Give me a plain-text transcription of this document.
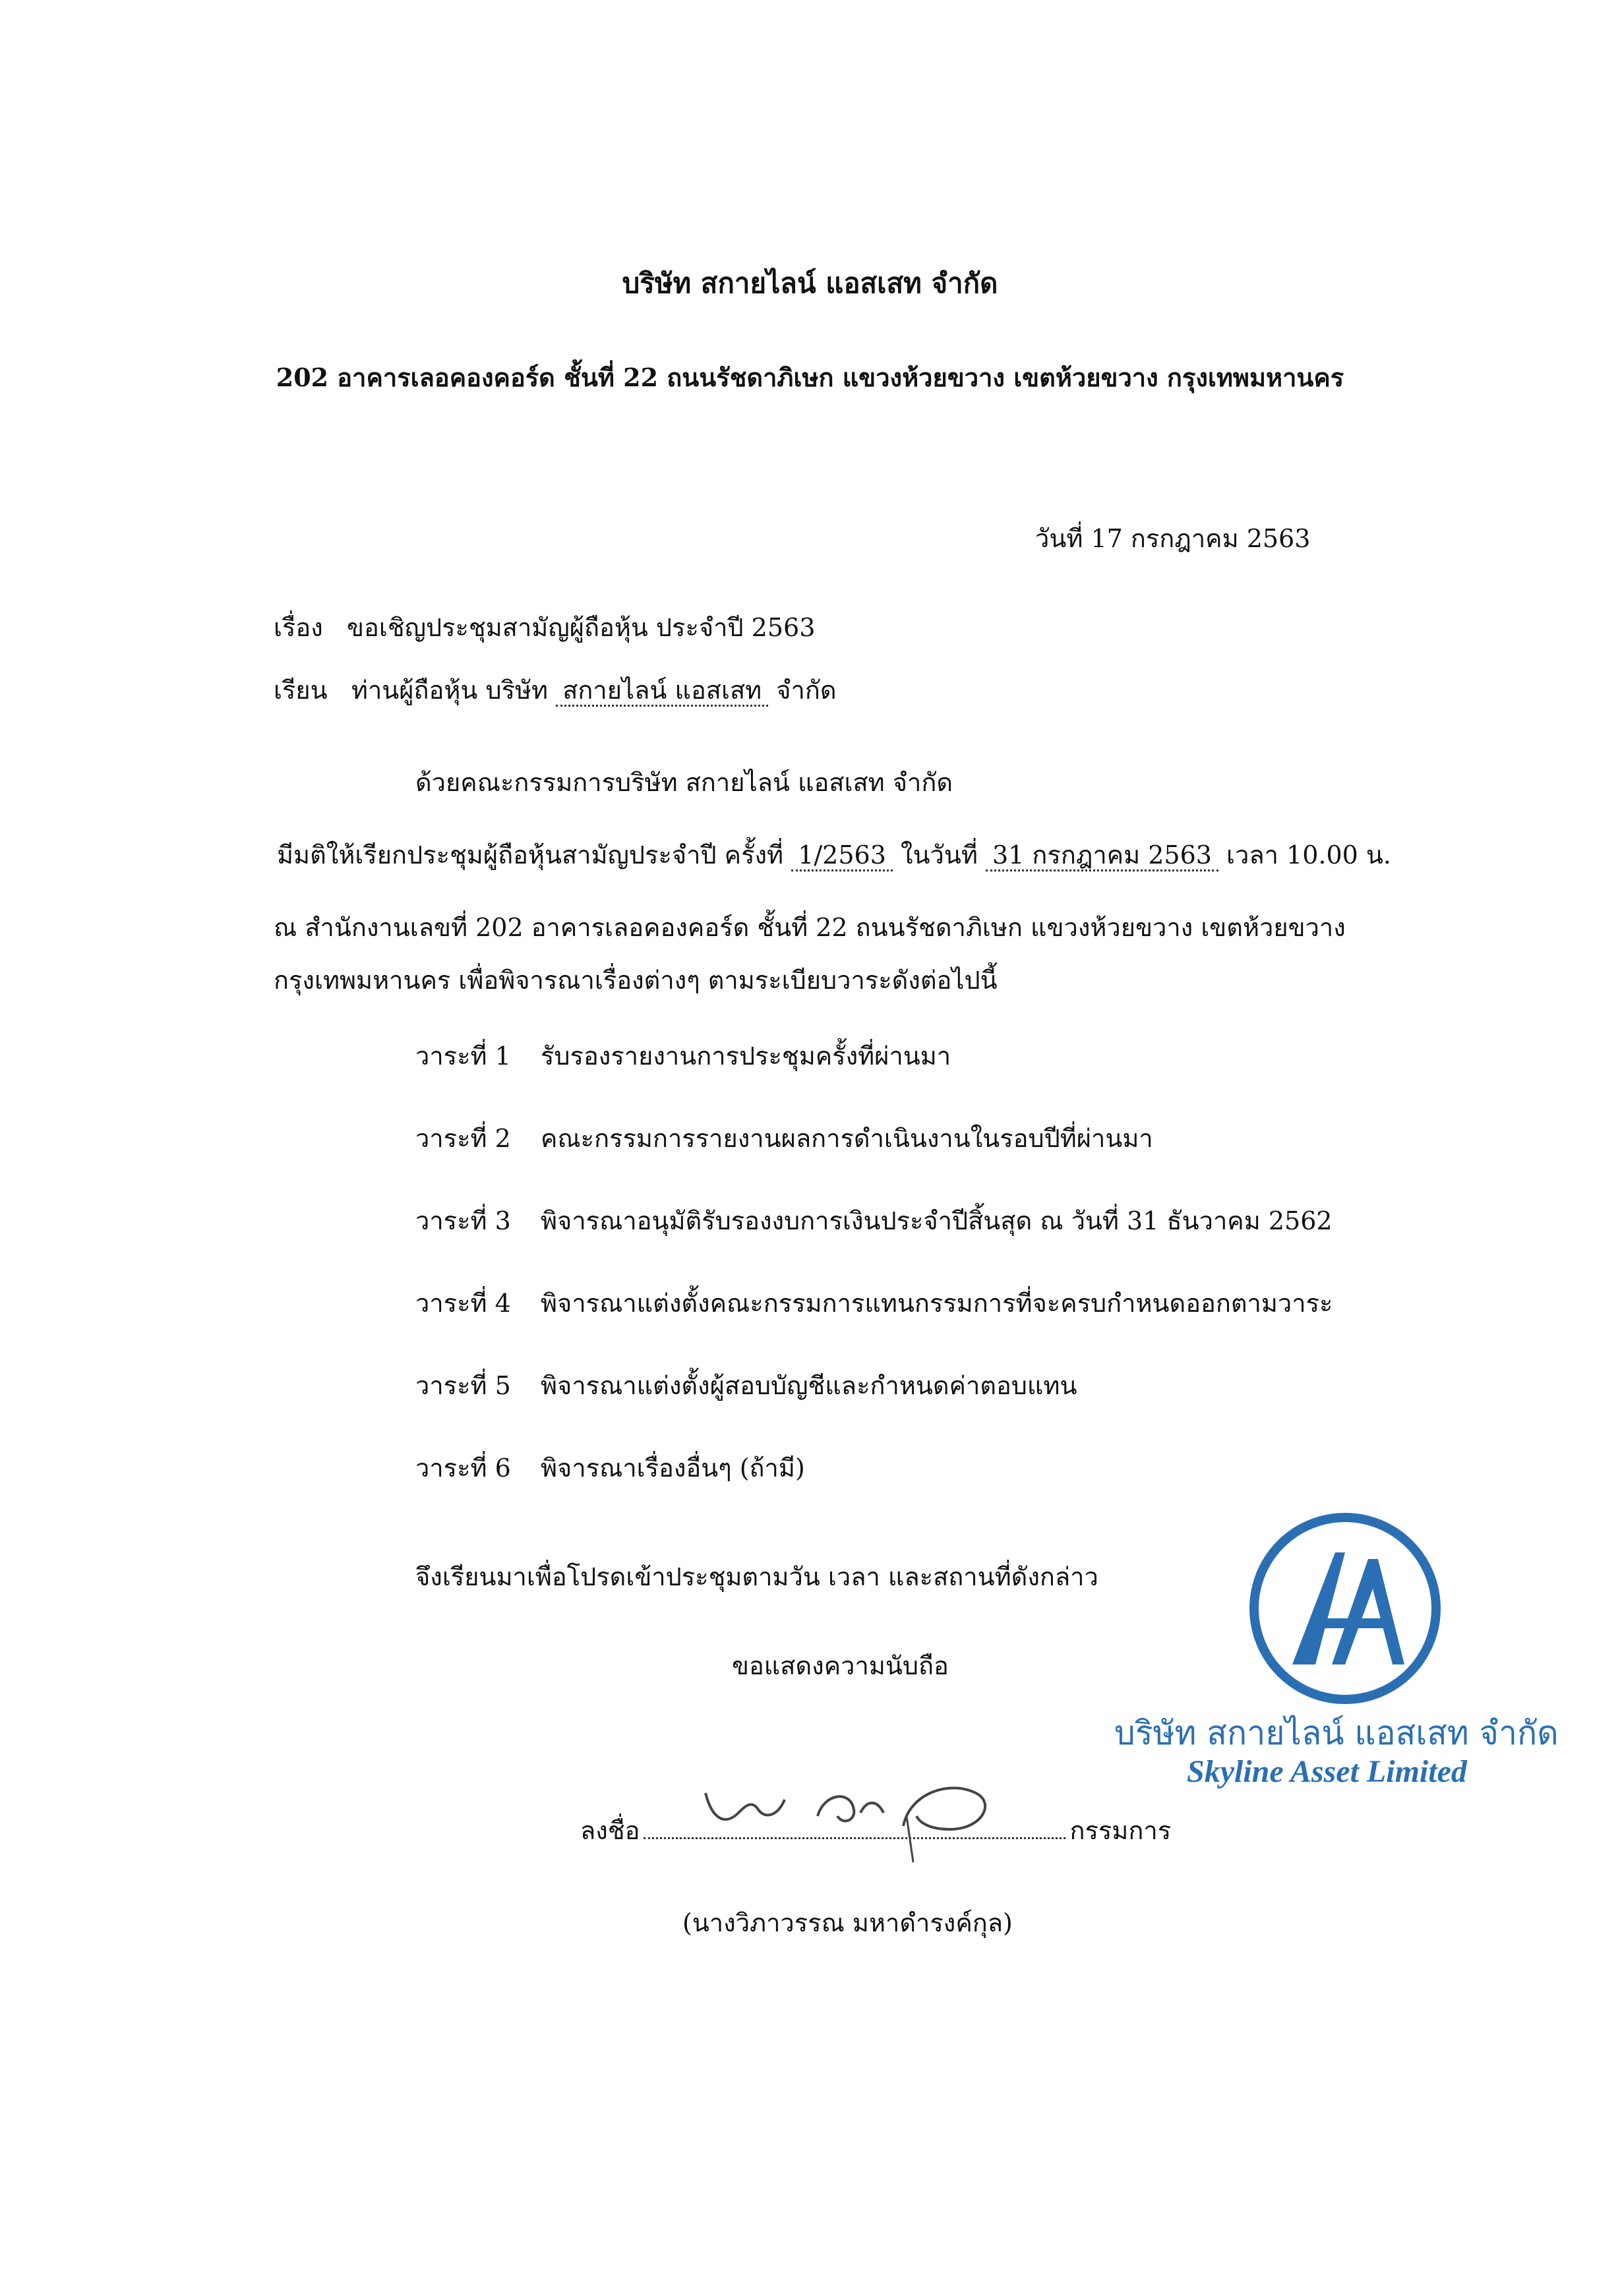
บริษัท สกายไลน์ แอสเสท จำกัด
202 อาคารเลอคองคอร์ด ชั้นที่ 22 ถนนรัชดาภิเษก แขวงห้วยขวาง เขตห้วยขวาง กรุงเทพมหานคร
วันที่ 17 กรกฎาคม 2563
เรื่อง ขอเชิญประชุมสามัญผู้ถือหุ้น ประจำปี 2563
เรียน ท่านผู้ถือหุ้น บริษัท สกายไลน์ แอสเสท จำกัด
ด้วยคณะกรรมการบริษัท สกายไลน์ แอสเสท จำกัด
มีมติให้เรียกประชุมผู้ถือหุ้นสามัญประจำปี ครั้งที่ 1/2563 ในวันที่ 31 กรกฎาคม 2563 เวลา 10.00 น.
ณ สำนักงานเลขที่ 202 อาคารเลอคองคอร์ด ชั้นที่ 22 ถนนรัชดาภิเษก แขวงห้วยขวาง เขตห้วยขวาง
กรุงเทพมหานคร เพื่อพิจารณาเรื่องต่างๆ ตามระเบียบวาระดังต่อไปนี้
วาระที่ 1 รับรองรายงานการประชุมครั้งที่ผ่านมา
วาระที่ 2 คณะกรรมการรายงานผลการดำเนินงานในรอบปีที่ผ่านมา
วาระที่ 3 พิจารณาอนุมัติรับรองงบการเงินประจำปีสิ้นสุด ณ วันที่ 31 ธันวาคม 2562
วาระที่ 4 พิจารณาแต่งตั้งคณะกรรมการแทนกรรมการที่จะครบกำหนดออกตามวาระ
วาระที่ 5 พิจารณาแต่งตั้งผู้สอบบัญชีและกำหนดค่าตอบแทน
วาระที่ 6 พิจารณาเรื่องอื่นๆ (ถ้ามี)
จึงเรียนมาเพื่อโปรดเข้าประชุมตามวัน เวลา และสถานที่ดังกล่าว
ขอแสดงความนับถือ
บริษัท สกายไลน์ แอสเสท จำกัด
Skyline Asset Limited
ลงชื่อ	กรรมการ
(นางวิภาวรรณ มหาดำรงค์กุล)
